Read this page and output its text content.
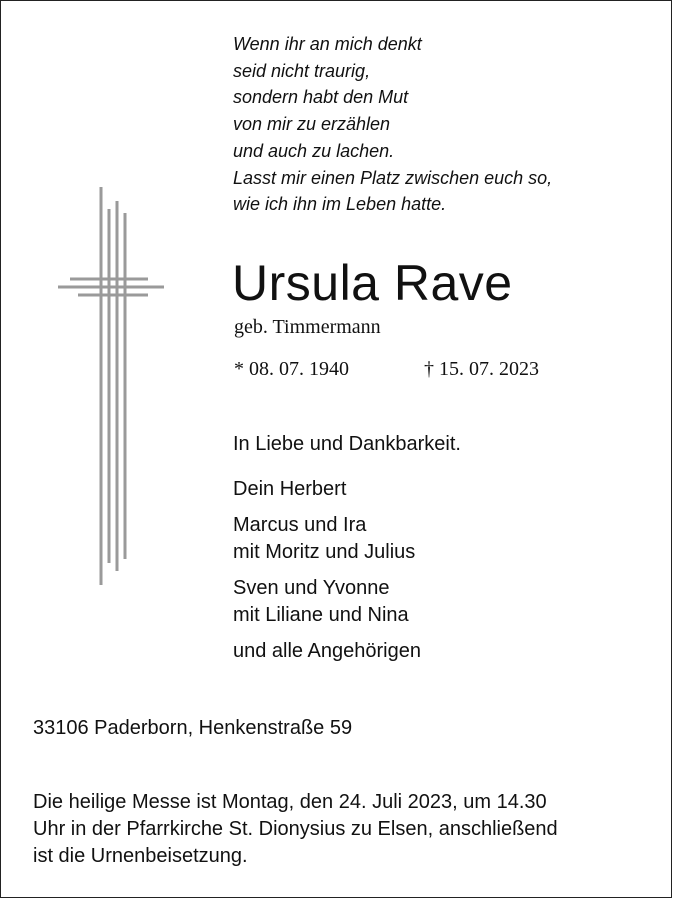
Wenn ihr an mich denkt
seid nicht traurig,
sondern habt den Mut
von mir zu erzählen
und auch zu lachen.
Lasst mir einen Platz zwischen euch so,
wie ich ihn im Leben hatte.
Ursula Rave
geb. Timmermann
* 08. 07. 1940	† 15. 07. 2023
In Liebe und Dankbarkeit.
Dein Herbert
Marcus und Ira
mit Moritz und Julius
Sven und Yvonne
mit Liliane und Nina
und alle Angehörigen
33106 Paderborn, Henkenstraße 59
Die heilige Messe ist Montag, den 24. Juli 2023, um 14.30
Uhr in der Pfarrkirche St. Dionysius zu Elsen, anschließend
ist die Urnenbeisetzung.
